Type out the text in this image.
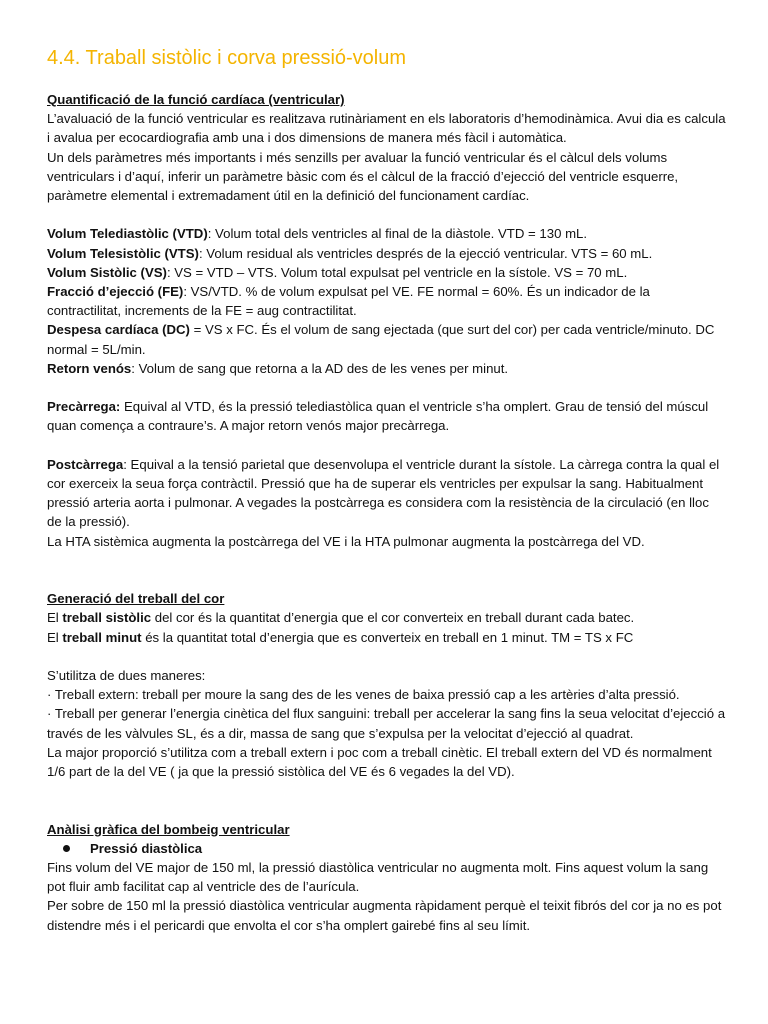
4.4. Traball sistòlic i corva pressió-volum

Quantificació de la funció cardíaca (ventricular)

L’avaluació de la funció ventricular es realitzava rutinàriament en els laboratoris d’hemodinàmica. Avui dia es calcula i avalua per ecocardiografia amb una i dos dimensions de manera més fàcil i automàtica.

Un dels paràmetres més importants i més senzills per avaluar la funció ventricular és el càlcul dels volums ventriculars i d’aquí, inferir un paràmetre bàsic com és el càlcul de la fracció d’ejecció del ventricle esquerre, paràmetre elemental i extremadament útil en la definició del funcionament cardíac.

Volum Telediastòlic (VTD): Volum total dels ventricles al final de la diàstole. VTD = 130 mL.

Volum Telesistòlic (VTS): Volum residual als ventricles després de la ejecció ventricular. VTS = 60 mL.

Volum Sistòlic (VS): VS = VTD – VTS. Volum total expulsat pel ventricle en la sístole. VS = 70 mL.

Fracció d’ejecció (FE): VS/VTD. % de volum expulsat pel VE. FE normal = 60%. És un indicador de la contractilitat, increments de la FE = aug contractilitat.

Despesa cardíaca (DC) = VS x FC. És el volum de sang ejectada (que surt del cor) per cada ventricle/minuto. DC normal = 5L/min.

Retorn venós: Volum de sang que retorna a la AD des de les venes per minut.

Precàrrega: Equival al VTD, és la pressió telediastòlica quan el ventricle s’ha omplert. Grau de tensió del múscul quan comença a contraure’s. A major retorn venós major precàrrega.

Postcàrrega: Equival a la tensió parietal que desenvolupa el ventricle durant la sístole. La càrrega contra la qual el cor exerceix la seua força contràctil. Pressió que ha de superar els ventricles per expulsar la sang. Habitualment pressió arteria aorta i pulmonar. A vegades la postcàrrega es considera com la resistència de la circulació (en lloc de la pressió).

La HTA sistèmica augmenta la postcàrrega del VE i la HTA pulmonar augmenta la postcàrrega del VD.

Generació del treball del cor

El treball sistòlic del cor és la quantitat d’energia que el cor converteix en treball durant cada batec.

El treball minut és la quantitat total d’energia que es converteix en treball en 1 minut. TM = TS x FC

S’utilitza de dues maneres:

· Treball extern: treball per moure la sang des de les venes de baixa pressió cap a les artèries d’alta pressió.

· Treball per generar l’energia cinètica del flux sanguini: treball per accelerar la sang fins la seua velocitat d’ejecció a través de les vàlvules SL, és a dir, massa de sang que s’expulsa per la velocitat d’ejecció al quadrat.

La major proporció s’utilitza com a treball extern i poc com a treball cinètic. El treball extern del VD és normalment 1/6 part de la del VE ( ja que la pressió sistòlica del VE és 6 vegades la del VD).

Anàlisi gràfica del bombeig ventricular

Pressió diastòlica

Fins volum del VE major de 150 ml, la pressió diastòlica ventricular no augmenta molt. Fins aquest volum la sang pot fluir amb facilitat cap al ventricle des de l’aurícula.

Per sobre de 150 ml la pressió diastòlica ventricular augmenta ràpidament perquè el teixit fibrós del cor ja no es pot distendre més i el pericardi que envolta el cor s’ha omplert gairebé fins al seu límit.
